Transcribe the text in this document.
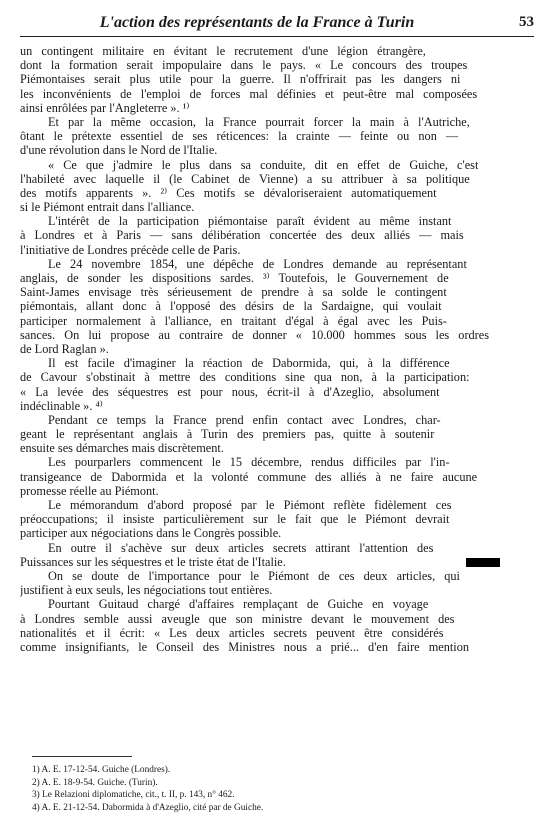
L'action des représentants de la France à Turin	53
un contingent militaire en évitant le recrutement d'une légion étrangère,
dont la formation serait impopulaire dans le pays. « Le concours des troupes
Piémontaises serait plus utile pour la guerre. Il n'offrirait pas les dangers ni
les inconvénients de l'emploi de forces mal définies et peut-être mal composées
ainsi enrôlées par l'Angleterre ». ¹⁾
Et par la même occasion, la France pourrait forcer la main à l'Autriche,
ôtant le prétexte essentiel de ses réticences: la crainte — feinte ou non —
d'une révolution dans le Nord de l'Italie.
« Ce que j'admire le plus dans sa conduite, dit en effet de Guiche, c'est
l'habileté avec laquelle il (le Cabinet de Vienne) a su attribuer à sa politique
des motifs apparents ». ²⁾ Ces motifs se dévaloriseraient automatiquement
si le Piémont entrait dans l'alliance.
L'intérêt de la participation piémontaise paraît évident au même instant
à Londres et à Paris — sans délibération concertée des deux alliés — mais
l'initiative de Londres précède celle de Paris.
Le 24 novembre 1854, une dépêche de Londres demande au représentant
anglais, de sonder les dispositions sardes. ³⁾ Toutefois, le Gouvernement de
Saint-James envisage très sérieusement de prendre à sa solde le contingent
piémontais, allant donc à l'opposé des désirs de la Sardaigne, qui voulait
participer normalement à l'alliance, en traitant d'égal à égal avec les Puis-
sances. On lui propose au contraire de donner « 10.000 hommes sous les ordres
de Lord Raglan ».
Il est facile d'imaginer la réaction de Dabormida, qui, à la différence
de Cavour s'obstinait à mettre des conditions sine qua non, à la participation:
« La levée des séquestres est pour nous, écrit-il à d'Azeglio, absolument
indéclinable ». ⁴⁾
Pendant ce temps la France prend enfin contact avec Londres, char-
geant le représentant anglais à Turin des premiers pas, quitte à soutenir
ensuite ses démarches mais discrètement.
Les pourparlers commencent le 15 décembre, rendus difficiles par l'in-
transigeance de Dabormida et la volonté commune des alliés à ne faire aucune
promesse réelle au Piémont.
Le mémorandum d'abord proposé par le Piémont reflète fidèlement ces
préoccupations; il insiste particulièrement sur le fait que le Piémont devrait
participer aux négociations dans le Congrès possible.
En outre il s'achève sur deux articles secrets attirant l'attention des
Puissances sur les séquestres et le triste état de l'Italie.
On se doute de l'importance pour le Piémont de ces deux articles, qui
justifient à eux seuls, les négociations tout entières.
Pourtant Guitaud chargé d'affaires remplaçant de Guiche en voyage
à Londres semble aussi aveugle que son ministre devant le mouvement des
nationalités et il écrit: « Les deux articles secrets peuvent être considérés
comme insignifiants, le Conseil des Ministres nous a prié... d'en faire mention
1) A. E. 17-12-54. Guiche (Londres).
2) A. E. 18-9-54. Guiche. (Turin).
3) Le Relazioni diplomatiche, cit., t. II, p. 143, n° 462.
4) A. E. 21-12-54. Dabormida à d'Azeglio, cité par de Guiche.
